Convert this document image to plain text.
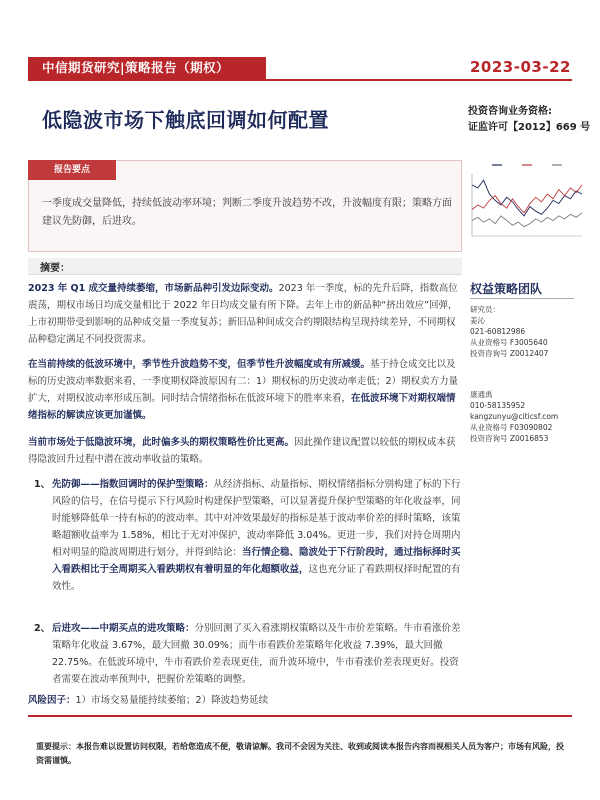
中信期货研究|策略报告（期权）	2023-03-22
低隐波市场下触底回调如何配置	投资咨询业务资格:
证监许可【2012】669 号
报告要点
一季度成交量降低，持续低波动率环境；判断二季度升波趋势不改，升波幅度有限；策略方面建议先防御，后进攻。
摘要：
2023 年 Q1 成交量持续萎缩，市场新品种引发边际变动。2023 年一季度，标的先升后降，指数高位震荡，期权市场日均成交量相比于 2022 年日均成交量有所下降。去年上市的新品种“挤出效应”回弹，上市初期带受到影响的品种成交量一季度复苏；新旧品种间成交合约期限结构呈现持续差异，不同期权品种稳定满足不同投资需求。
在当前持续的低波环境中，季节性升波趋势不变，但季节性升波幅度或有所减缓。基于持仓成交比以及标的历史波动率数据来看，一季度期权降波原因有二：1）期权标的历史波动率走低；2）期权卖方力量扩大，对期权波动率形成压制。同时结合情绪指标在低波环境下的胜率来看，在低波环境下对期权端情绪指标的解读应该更加谨慎。
当前市场处于低隐波环境，此时偏多头的期权策略性价比更高。因此操作建议配置以较低的期权成本获得隐波回升过程中潜在波动率收益的策略。
1、 先防御——指数回调时的保护型策略：从经济指标、动量指标、期权情绪指标分别构建了标的下行风险的信号，在信号提示下行风险时构建保护型策略，可以显著提升保护型策略的年化收益率，同时能够降低单一持有标的的波动率。其中对冲效果最好的指标是基于波动率价差的择时策略，该策略超额收益率为 1.58%，相比于无对冲保护，波动率降低 3.04%。更进一步，我们对持仓周期内相对明显的隐波周期进行划分，并得到结论：当行情企稳、隐波处于下行阶段时，通过指标择时买入看跌相比于全周期买入看跌期权有着明显的年化超额收益，这也充分证了看跌期权择时配置的有效性。
2、 后进攻——中期买点的进攻策略：分别回测了买入看涨期权策略以及牛市价差策略。牛市看涨价差策略年化收益 3.67%，最大回撤 30.09%；而牛市看跌价差策略年化收益 7.39%，最大回撤 22.75%。在低波环境中，牛市看跌价差表现更佳，而升波环境中，牛市看涨价差表现更好。投资者需要在波动率预判中，把握价差策略的调整。
风险因子：1）市场交易量能持续萎缩；2）降波趋势延续
权益策略团队
研究员：
姜沁
021-60812986
从业资格号 F3005640
投资咨询号 Z0012407
康通禹
010-58135952
kangzunyu@citicsf.com
从业资格号 F03090802
投资咨询号 Z0016853
重要提示：本报告难以设置访问权限，若给您造成不便，敬请谅解。我司不会因为关注、收到或阅读本报告内容而视相关人员为客户；市场有风险，投资需谨慎。
